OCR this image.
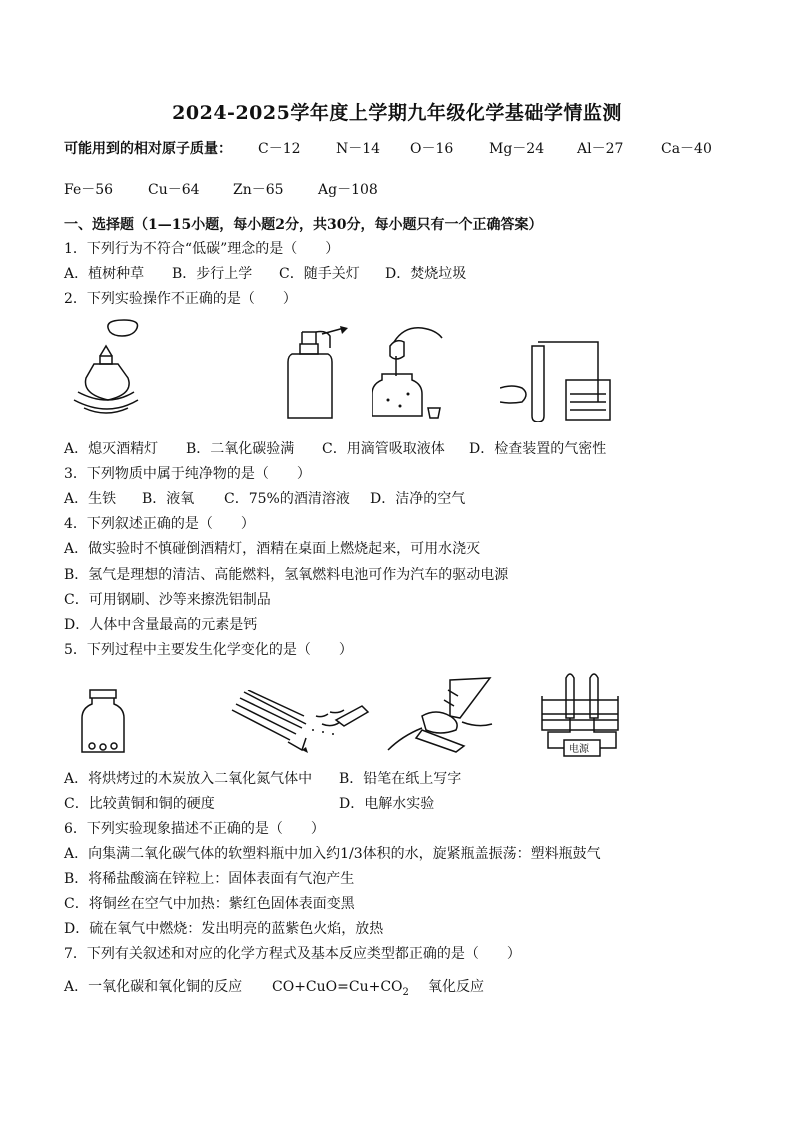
2024-2025学年度上学期九年级化学基础学情监测
可能用到的相对原子质量： C－12	N－14 O－16	Mg－24 Al－27	Ca－40
Fe－56 Cu－64 Zn－65 Ag－108
一、选择题（1—15小题，每小题2分，共30分，每小题只有一个正确答案）
1．下列行为不符合“低碳”理念的是（　　）
A．植树种草 B．步行上学 C．随手关灯 D．焚烧垃圾
2．下列实验操作不正确的是（　　）
A．熄灭酒精灯 B．二氧化碳验满 C．用滴管吸取液体 D．检查装置的气密性
3．下列物质中属于纯净物的是（　　）
A．生铁 B．液氧 C．75%的酒清溶液 D．洁净的空气
4．下列叙述正确的是（　　）
A．做实验时不慎碰倒酒精灯，酒精在桌面上燃烧起来，可用水浇灭
B．氢气是理想的清洁、高能燃料，氢氧燃料电池可作为汽车的驱动电源
C．可用钢刷、沙等来擦洗铝制品
D．人体中含量最高的元素是钙
5．下列过程中主要发生化学变化的是（　　）
电源
A．将烘烤过的木炭放入二氧化氮气体中 B．铅笔在纸上写字
C．比较黄铜和铜的硬度	D．电解水实验
6．下列实验现象描述不正确的是（　　）
A．向集满二氧化碳气体的软塑料瓶中加入约1/3体积的水，旋紧瓶盖振荡：塑料瓶鼓气
B．将稀盐酸滴在锌粒上：固体表面有气泡产生
C．将铜丝在空气中加热：紫红色固体表面变黑
D．硫在氧气中燃烧：发出明亮的蓝紫色火焰，放热
7．下列有关叙述和对应的化学方程式及基本反应类型都正确的是（　　）
A．一氧化碳和氧化铜的反应 $CO+CuO=Cu+CO_2$ 氧化反应
